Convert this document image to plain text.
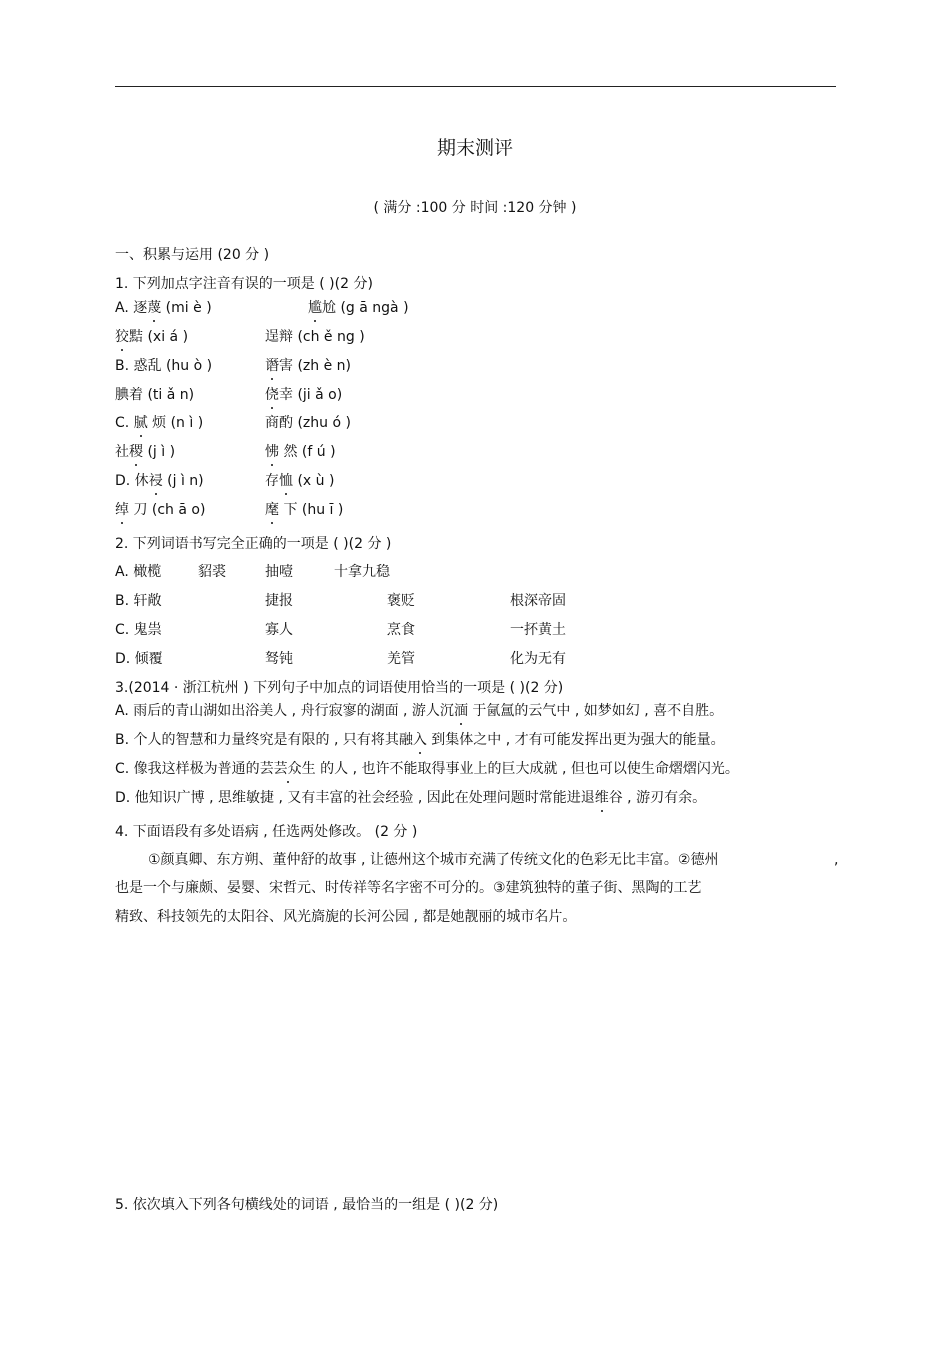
期末测评
( 满分 :100 分 时间 :120 分钟 )
一、积累与运用 (20 分 )
1. 下列加点字注音有误的一项是 ( )(2 分)
A. 逐蔑 (mi è )	尴尬 (g ā ngà )
狡黠 (xi á )	逞辩 (ch ě ng )
B. 惑乱 (hu ò )	谮害 (zh è n)
腆着 (ti ǎ n)	侥幸 (ji ǎ o)
C. 腻 烦 (n ì )	商酌 (zhu ó )
社稷 (j ì )	怫 然 (f ú )
D. 休祲 (j ì n)	存恤 (x ù )
绰 刀 (ch ā o)	麾 下 (hu ī )
2. 下列词语书写完全正确的一项是 ( )(2 分 )
A. 橄榄	貂裘	抽噎	十拿九稳
B. 轩敞	捷报	褒贬	根深帝固
C. 鬼祟	寡人	烹食	一抔黄土
D. 倾覆	驽钝	羌管	化为无有
3.(2014 · 浙江杭州 ) 下列句子中加点的词语使用恰当的一项是 ( )(2 分)
A. 雨后的青山湖如出浴美人 , 舟行寂寥的湖面 , 游人沉湎 于氤氲的云气中 , 如梦如幻 , 喜不自胜。
B. 个人的智慧和力量终究是有限的 , 只有将其融入 到集体之中 , 才有可能发挥出更为强大的能量。
C. 像我这样极为普通的芸芸众生 的人 , 也许不能取得事业上的巨大成就 , 但也可以使生命熠熠闪光。
D. 他知识广博 , 思维敏捷 , 又有丰富的社会经验 , 因此在处理问题时常能进退维谷 , 游刃有余。
4. 下面语段有多处语病 , 任选两处修改。 (2 分 )
①颜真卿、东方朔、董仲舒的故事 , 让德州这个城市充满了传统文化的色彩无比丰富。②德州	,
也是一个与廉颇、晏婴、宋哲元、时传祥等名字密不可分的。③建筑独特的董子街、黑陶的工艺
精致、科技领先的太阳谷、风光旖旎的长河公园 , 都是她靓丽的城市名片。
5. 依次填入下列各句横线处的词语 , 最恰当的一组是 ( )(2 分)
